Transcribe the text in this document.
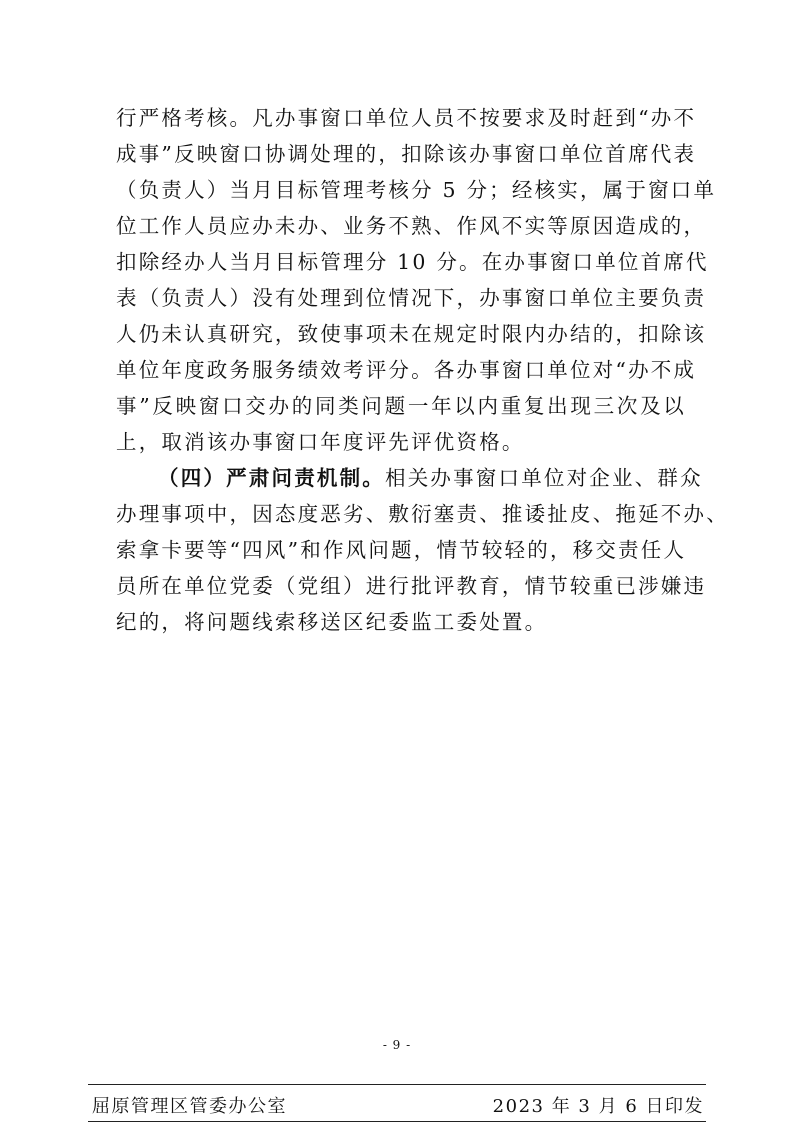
行严格考核。凡办事窗口单位人员不按要求及时赶到“办不
成事”反映窗口协调处理的，扣除该办事窗口单位首席代表
（负责人）当月目标管理考核分 5 分；经核实，属于窗口单
位工作人员应办未办、业务不熟、作风不实等原因造成的，
扣除经办人当月目标管理分 10 分。在办事窗口单位首席代
表（负责人）没有处理到位情况下，办事窗口单位主要负责
人仍未认真研究，致使事项未在规定时限内办结的，扣除该
单位年度政务服务绩效考评分。各办事窗口单位对“办不成
事”反映窗口交办的同类问题一年以内重复出现三次及以
上，取消该办事窗口年度评先评优资格。
（四）严肃问责机制。相关办事窗口单位对企业、群众
办理事项中，因态度恶劣、敷衍塞责、推诿扯皮、拖延不办、
索拿卡要等“四风”和作风问题，情节较轻的，移交责任人
员所在单位党委（党组）进行批评教育，情节较重已涉嫌违
纪的，将问题线索移送区纪委监工委处置。

- 9 -

屈原管理区管委办公室	2023 年 3 月 6 日印发
